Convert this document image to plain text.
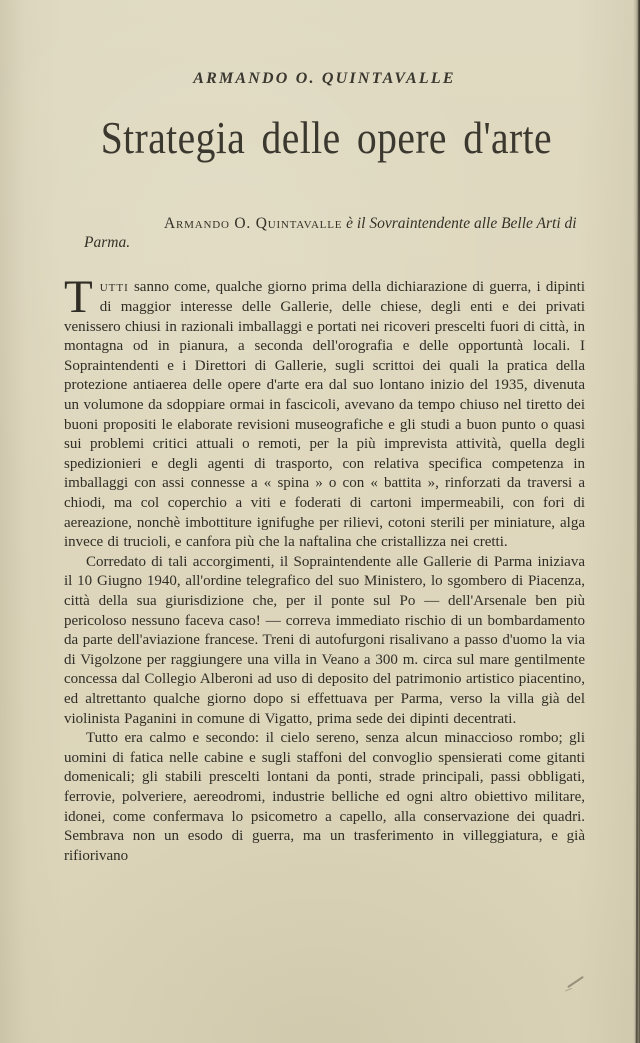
ARMANDO O. QUINTAVALLE
Strategia delle opere d'arte

Armando O. Quintavalle è il Sovraintendente alle Belle Arti di Parma.

Tutti sanno come, qualche giorno prima della dichiarazione di guerra, i dipinti di maggior interesse delle Gallerie, delle chiese, degli enti e dei privati venissero chiusi in razionali imballaggi e portati nei ricoveri prescelti fuori di città, in montagna od in pianura, a seconda dell'orografia e delle opportuntà locali. I Sopraintendenti e i Direttori di Gallerie, sugli scrittoi dei quali la pratica della protezione antiaerea delle opere d'arte era dal suo lontano inizio del 1935, divenuta un volumone da sdoppiare ormai in fascicoli, avevano da tempo chiuso nel tiretto dei buoni propositi le elaborate revisioni museografiche e gli studi a buon punto o quasi sui problemi critici attuali o remoti, per la più imprevista attività, quella degli spedizionieri e degli agenti di trasporto, con relativa specifica competenza in imballaggi con assi connesse a « spina » o con « battita », rinforzati da traversi a chiodi, ma col coperchio a viti e foderati di cartoni impermeabili, con fori di aereazione, nonchè imbottiture ignifughe per rilievi, cotoni sterili per miniature, alga invece di trucioli, e canfora più che la naftalina che cristallizza nei cretti.

Corredato di tali accorgimenti, il Sopraintendente alle Gallerie di Parma iniziava il 10 Giugno 1940, all'ordine telegrafico del suo Ministero, lo sgombero di Piacenza, città della sua giurisdizione che, per il ponte sul Po — dell'Arsenale ben più pericoloso nessuno faceva caso! — correva immediato rischio di un bombardamento da parte dell'aviazione francese. Treni di autofurgoni risalivano a passo d'uomo la via di Vigolzone per raggiungere una villa in Veano a 300 m. circa sul mare gentilmente concessa dal Collegio Alberoni ad uso di deposito del patrimonio artistico piacentino, ed altrettanto qualche giorno dopo si effettuava per Parma, verso la villa già del violinista Paganini in comune di Vigatto, prima sede dei dipinti decentrati.

Tutto era calmo e secondo: il cielo sereno, senza alcun minaccioso rombo; gli uomini di fatica nelle cabine e sugli staffoni del convoglio spensierati come gitanti domenicali; gli stabili prescelti lontani da ponti, strade principali, passi obbligati, ferrovie, polveriere, aereodromi, industrie belliche ed ogni altro obiettivo militare, idonei, come confermava lo psicometro a capello, alla conservazione dei quadri. Sembrava non un esodo di guerra, ma un trasferimento in villeggiatura, e già rifiorivano
